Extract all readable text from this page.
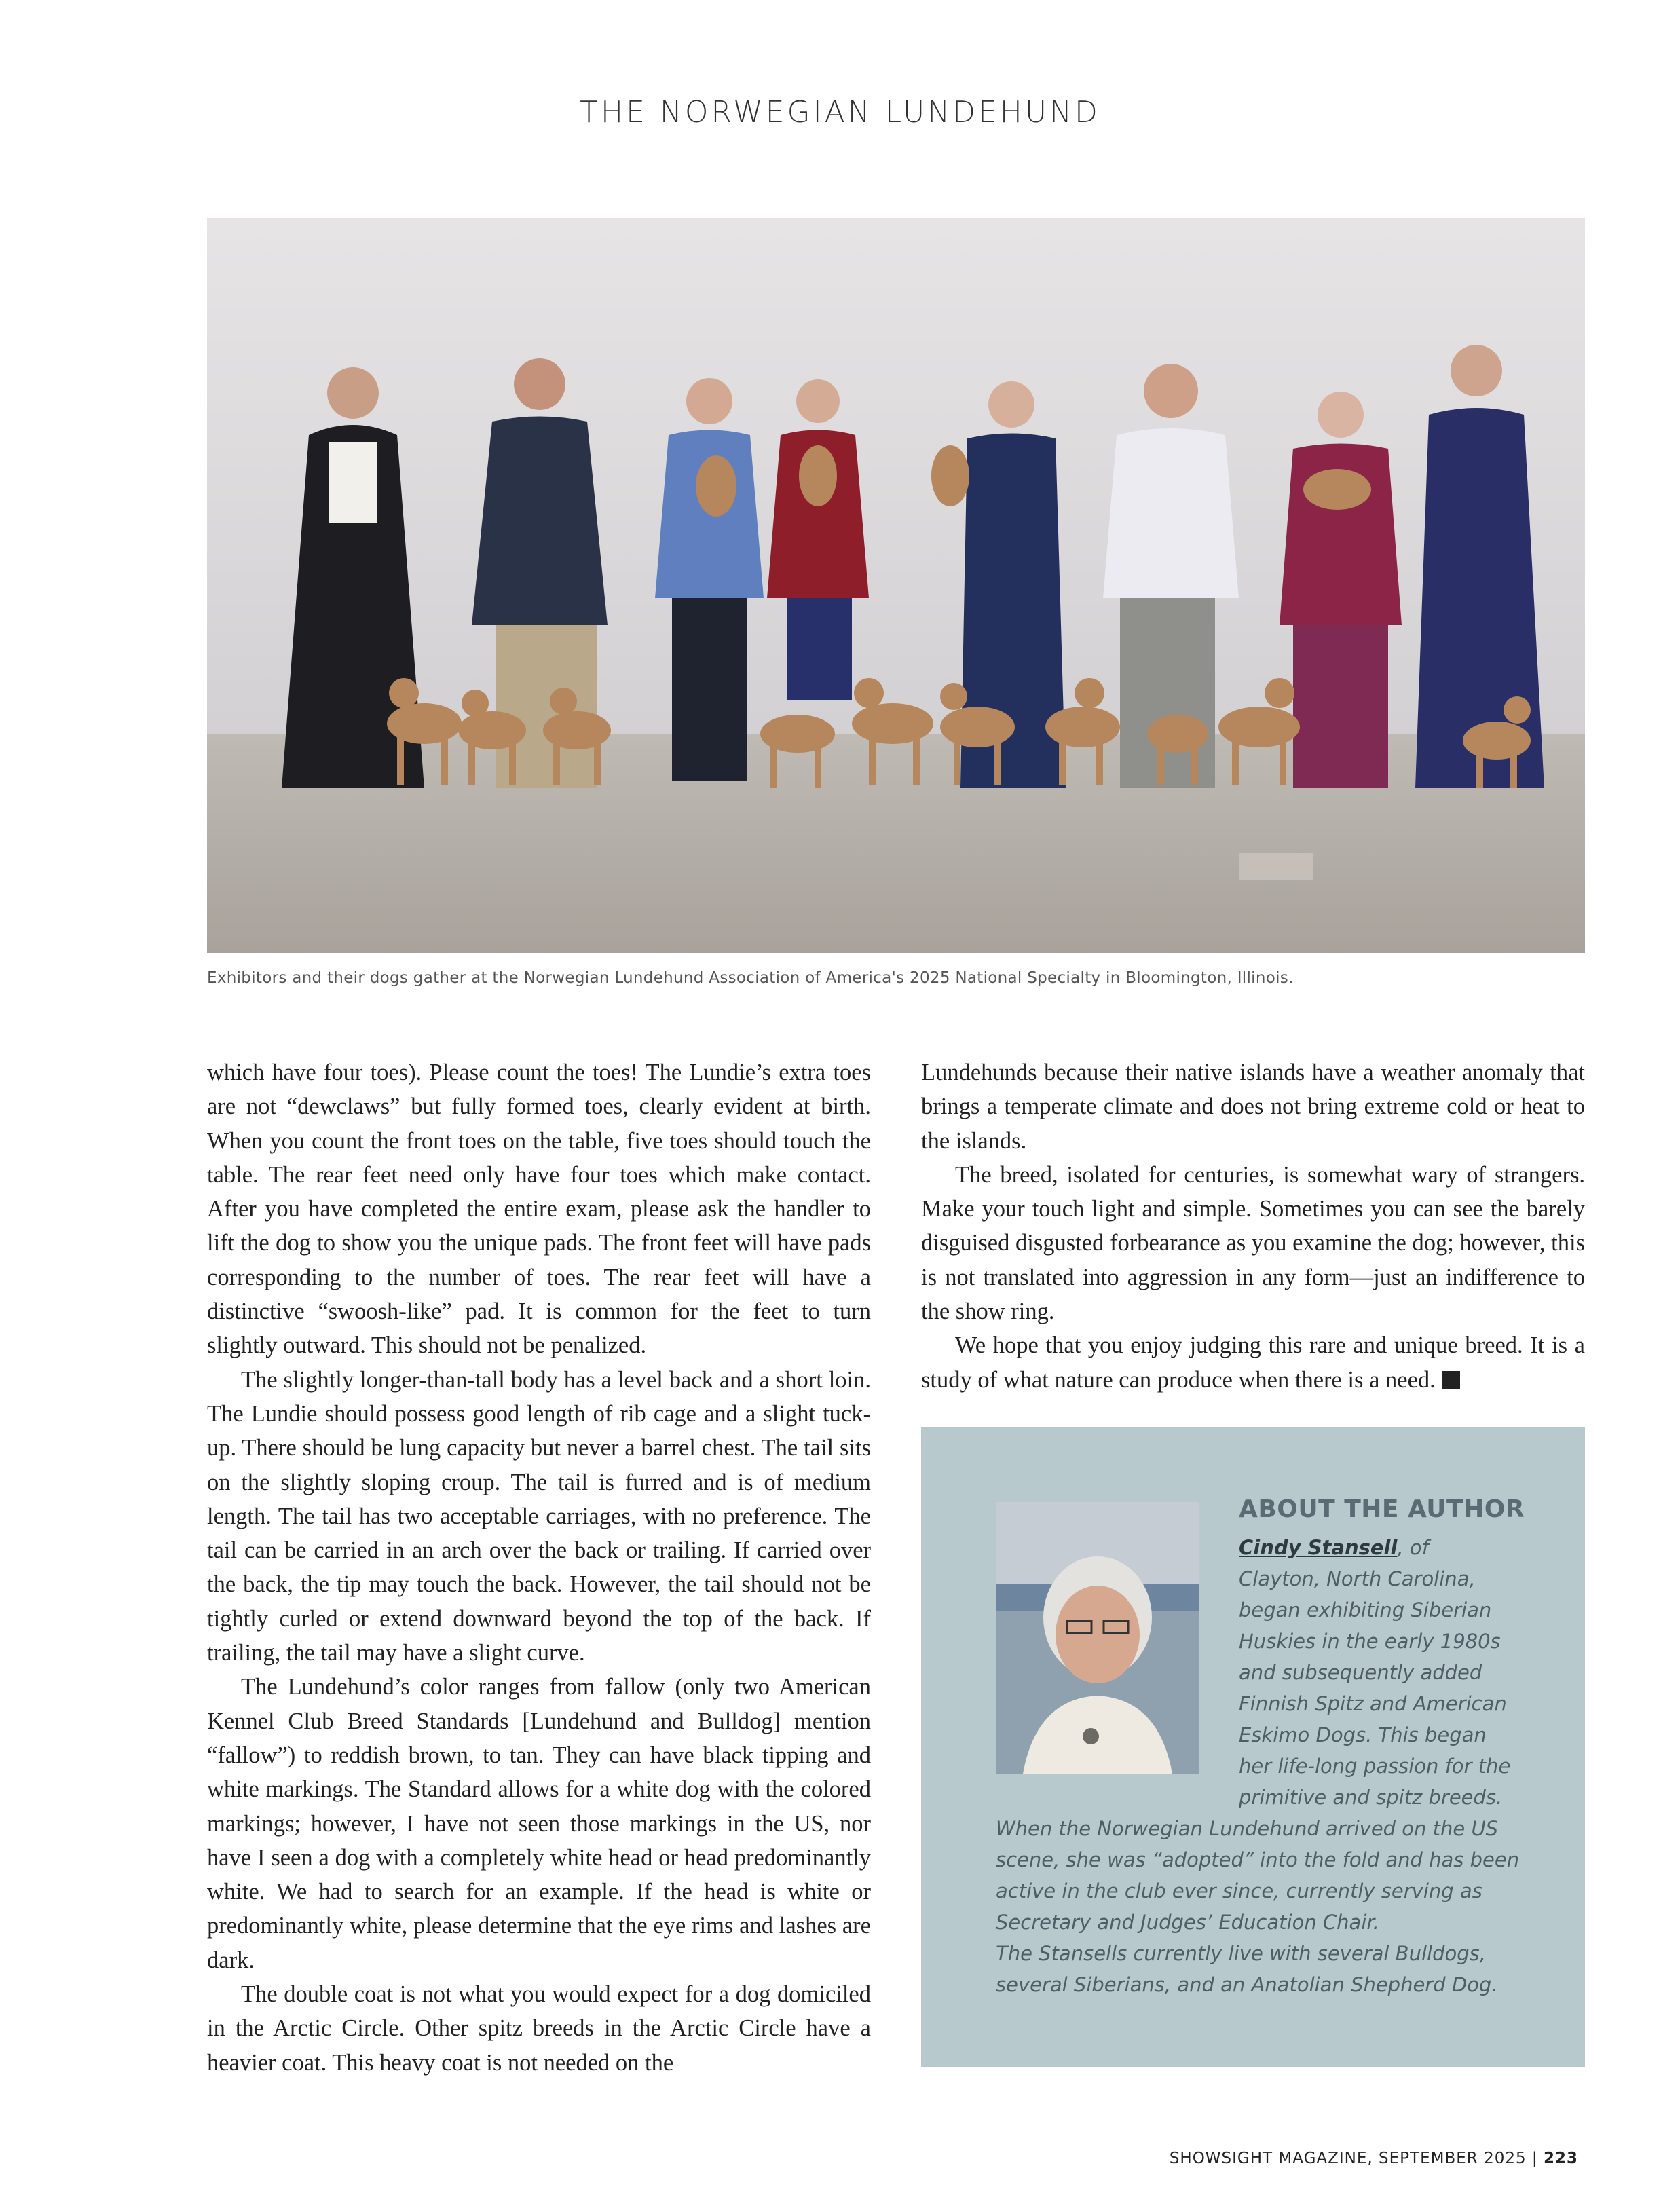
THE NORWEGIAN LUNDEHUND
Exhibitors and their dogs gather at the Norwegian Lundehund Association of America's 2025 National Specialty in Bloomington, Illinois.

which have four toes). Please count the toes! The Lundie’s extra toes are not “dewclaws” but fully formed toes, clearly evident at birth. When you count the front toes on the table, five toes should touch the table. The rear feet need only have four toes which make contact. After you have completed the entire exam, please ask the handler to lift the dog to show you the unique pads. The front feet will have pads corresponding to the number of toes. The rear feet will have a distinctive “swoosh-like” pad. It is common for the feet to turn slightly outward. This should not be penalized.

The slightly longer-than-tall body has a level back and a short loin. The Lundie should possess good length of rib cage and a slight tuck-up. There should be lung capacity but never a barrel chest. The tail sits on the slightly sloping croup. The tail is furred and is of medium length. The tail has two acceptable carriages, with no preference. The tail can be carried in an arch over the back or trailing. If carried over the back, the tip may touch the back. However, the tail should not be tightly curled or extend downward beyond the top of the back. If trailing, the tail may have a slight curve.

The Lundehund’s color ranges from fallow (only two American Kennel Club Breed Standards [Lundehund and Bulldog] mention “fallow”) to reddish brown, to tan. They can have black tipping and white markings. The Standard allows for a white dog with the colored markings; however, I have not seen those markings in the US, nor have I seen a dog with a completely white head or head predominantly white. We had to search for an example. If the head is white or predominantly white, please determine that the eye rims and lashes are dark.

The double coat is not what you would expect for a dog domiciled in the Arctic Circle. Other spitz breeds in the Arctic Circle have a heavier coat. This heavy coat is not needed on the

Lundehunds because their native islands have a weather anomaly that brings a temperate climate and does not bring extreme cold or heat to the islands.

The breed, isolated for centuries, is somewhat wary of strangers. Make your touch light and simple. Sometimes you can see the barely disguised disgusted forbearance as you examine the dog; however, this is not translated into aggression in any form—just an indifference to the show ring.

We hope that you enjoy judging this rare and unique breed. It is a study of what nature can produce when there is a need.

ABOUT THE AUTHOR
Cindy Stansell, of
Clayton, North Carolina,
began exhibiting Siberian
Huskies in the early 1980s
and subsequently added
Finnish Spitz and American
Eskimo Dogs. This began
her life-long passion for the
primitive and spitz breeds.
When the Norwegian Lundehund arrived on the US
scene, she was “adopted” into the fold and has been
active in the club ever since, currently serving as
Secretary and Judges’ Education Chair.
The Stansells currently live with several Bulldogs,
several Siberians, and an Anatolian Shepherd Dog.
SHOWSIGHT MAGAZINE, SEPTEMBER 2025 | 223
